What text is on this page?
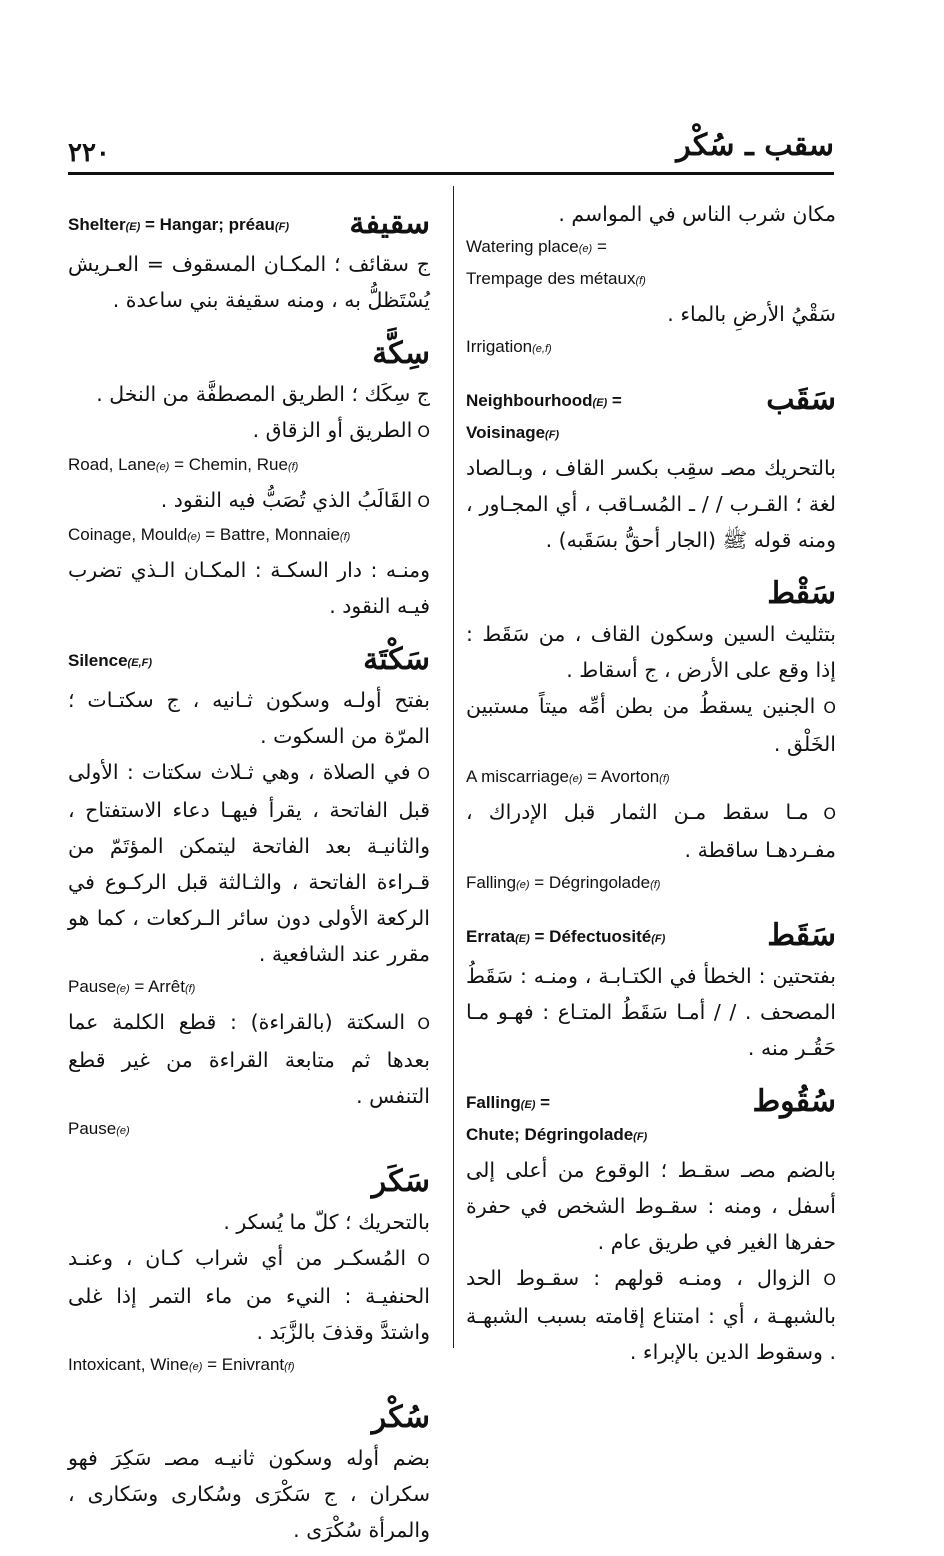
سقب ـ سُكْر
٢٢٠

مكان شرب الناس في المواسم .

Watering place(e) =

Trempage des métaux(f)

سَقْيُ الأرضِ بالماء .

Irrigation(e,f)

سَقَب
Neighbourhood(E) =
Voisinage(F)

بالتحريك مصـ سقِب بكسر القاف ، وبـالصاد لغة ؛ القـرب / / ـ المُسـاقب ، أي المجـاور ، ومنه قوله ﷺ (الجار أحقُّ بسَقَبه) .

سَقْط

بتثليث السين وسكون القاف ، من سَقَط : إذا وقع على الأرض ، ج أسقاط .

O الجنين يسقطُ من بطن أمِّه ميتاً مستبين الخَلْق .

A miscarriage(e) = Avorton(f)

O مـا سقط مـن الثمار قبل الإدراك ، مفـردهـا ساقطة .

Falling(e) = Dégringolade(f)

سَقَط
Errata(E) = Défectuosité(F)

بفتحتين : الخطأ في الكتـابـة ، ومنـه : سَقَطُ المصحف . / / أمـا سَقَطُ المتـاع : فهـو مـا حَقُـر منه .

سُقُوط
Falling(E) =
Chute; Dégringolade(F)

بالضم مصـ سقـط ؛ الوقوع من أعلى إلى أسفل ، ومنه : سقـوط الشخص في حفرة حفرها الغير في طريق عام .

O الزوال ، ومنـه قولهم : سقـوط الحد بالشبهـة ، أي : امتناع إقامته بسبب الشبهـة . وسقوط الدين بالإبراء .

سقيفة
Shelter(E) = Hangar; préau(F)

ج سقائف ؛ المكـان المسقوف = العـريش يُسْتَظلُّ به ، ومنه سقيفة بني ساعدة .

سِكَّة

ج سِكَك ؛ الطريق المصطفَّة من النخل .

O الطريق أو الزقاق .

Road, Lane(e) = Chemin, Rue(f)

O القَالَبُ الذي تُصَبُّ فيه النقود .

Coinage, Mould(e) = Battre, Monnaie(f)

ومنـه : دار السكـة : المكـان الـذي تضرب فيـه النقود .

سَكْتَة
Silence(E,F)

بفتح أولـه وسكون ثـانيه ، ج سكتـات ؛ المرّة من السكوت .

O في الصلاة ، وهي ثـلاث سكتات : الأولى قبل الفاتحة ، يقرأ فيهـا دعاء الاستفتاح ، والثانيـة بعد الفاتحة ليتمكن المؤتَمّ من قـراءة الفاتحة ، والثـالثة قبل الركـوع في الركعة الأولى دون سائر الـركعات ، كما هو مقرر عند الشافعية .

Pause(e) = Arrêt(f)

O السكتة (بالقراءة) : قطع الكلمة عما بعدها ثم متابعة القراءة من غير قطع التنفس .

Pause(e)

سَكَر

بالتحريك ؛ كلّ ما يُسكر .

O المُسكـر من أي شراب كـان ، وعنـد الحنفيـة : النيء من ماء التمر إذا غلى واشتدَّ وقذفَ بالزَّبَد .

Intoxicant, Wine(e) = Enivrant(f)

سُكْر

بضم أوله وسكون ثانيـه مصـ سَكِرَ فهو سكران ، ج سَكْرَى وسُكارى وسَكارى ، والمرأة سُكْرَى .
